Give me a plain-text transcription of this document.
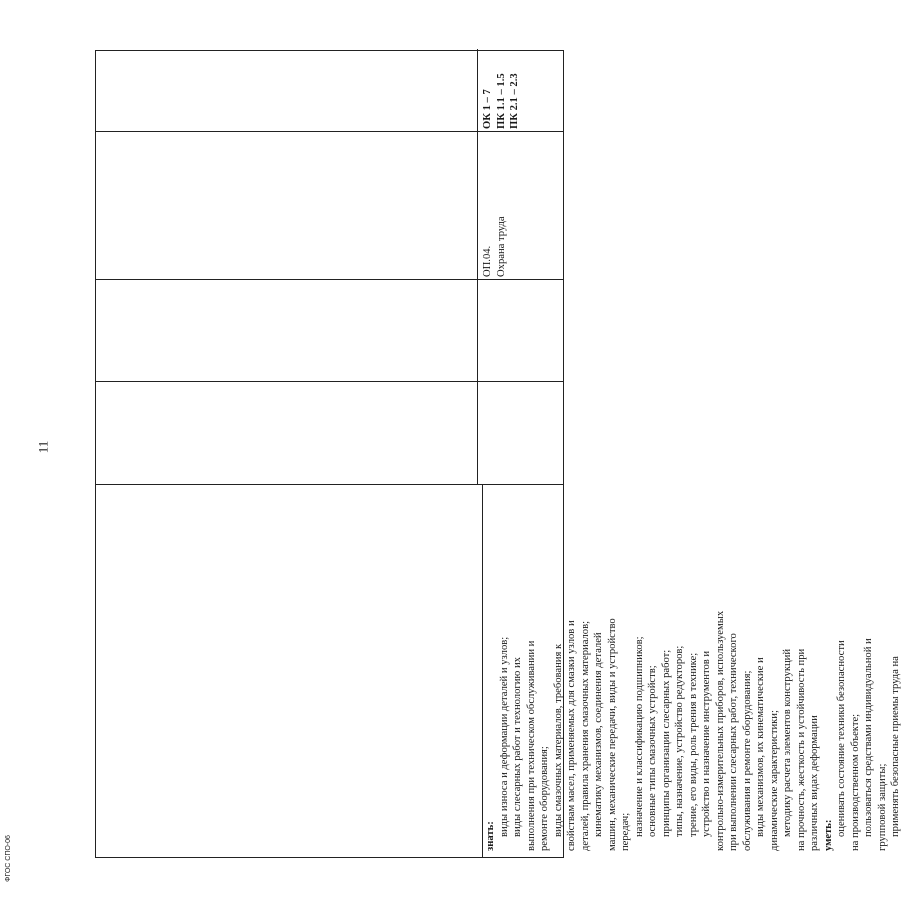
11

знать: виды износа и деформации деталей и узлов; виды слесарных работ и технологию их выполнения при техническом обслуживании и ремонте оборудования; виды смазочных материалов, требования к свойствам масел, применяемых для смазки узлов и деталей, правила хранения смазочных материалов; кинематику механизмов, соединения деталей машин, механические передачи, виды и устройство передач; назначение и классификацию подшипников; основные типы смазочных устройств; принципы организации слесарных работ; типы, назначение, устройство редукторов; трение, его виды, роль трения в технике; устройство и назначение инструментов и контрольно-измерительных приборов, используемых при выполнении слесарных работ, технического обслуживания и ремонте оборудования; виды механизмов, их кинематические и динамические характеристики; методику расчета элементов конструкций на прочность, жесткость и устойчивость при различных видах деформации уметь: оценивать состояние техники безопасности на производственном объекте; пользоваться средствами индивидуальной и групповой защиты; применять безопасные приемы труда на

ОП.04. Охрана труда

ОК 1 – 7 ПК 1.1 – 1.5 ПК 2.1 – 2.3

ФГОС СПО-06
